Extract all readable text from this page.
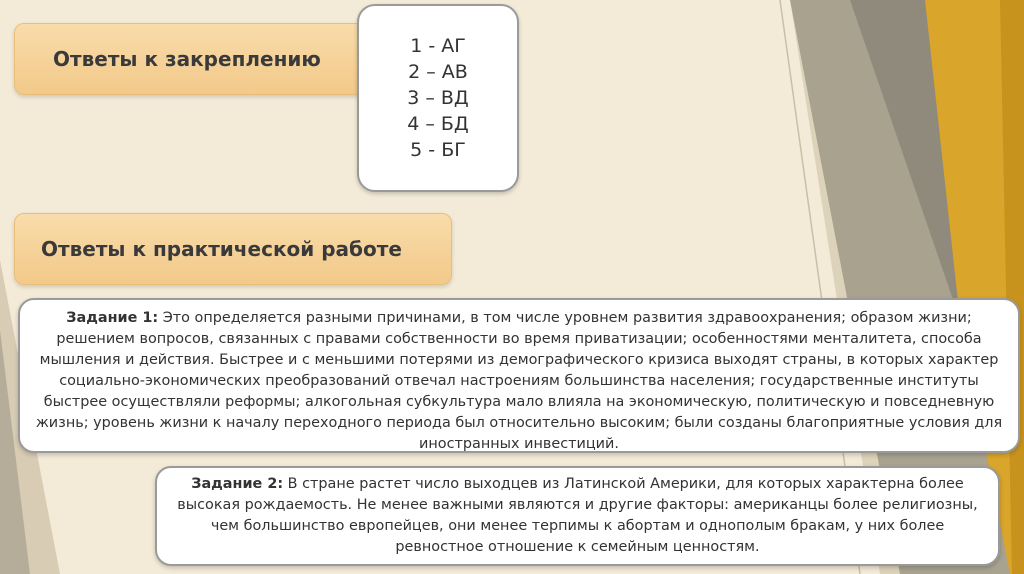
Ответы к закреплению
1 - АГ
2 – АВ
3 – ВД
4 – БД
5 - БГ
Ответы к практической работе
Задание 1: Это определяется разными причинами, в том числе уровнем развития здравоохранения; образом жизни; решением вопросов, связанных с правами собственности во время приватизации; особенностями менталитета, способа мышления и действия. Быстрее и с меньшими потерями из демографического кризиса выходят страны, в которых характер социально-экономических преобразований отвечал настроениям большинства населения; государственные институты быстрее осуществляли реформы; алкогольная субкультура мало влияла на экономическую, политическую и повседневную жизнь; уровень жизни к началу переходного периода был относительно высоким; были созданы благоприятные условия для иностранных инвестиций.
Задание 2: В стране растет число выходцев из Латинской Америки, для которых характерна более высокая рождаемость. Не менее важными являются и другие факторы: американцы более религиозны, чем большинство европейцев, они менее терпимы к абортам и однополым бракам, у них более ревностное отношение к семейным ценностям.
